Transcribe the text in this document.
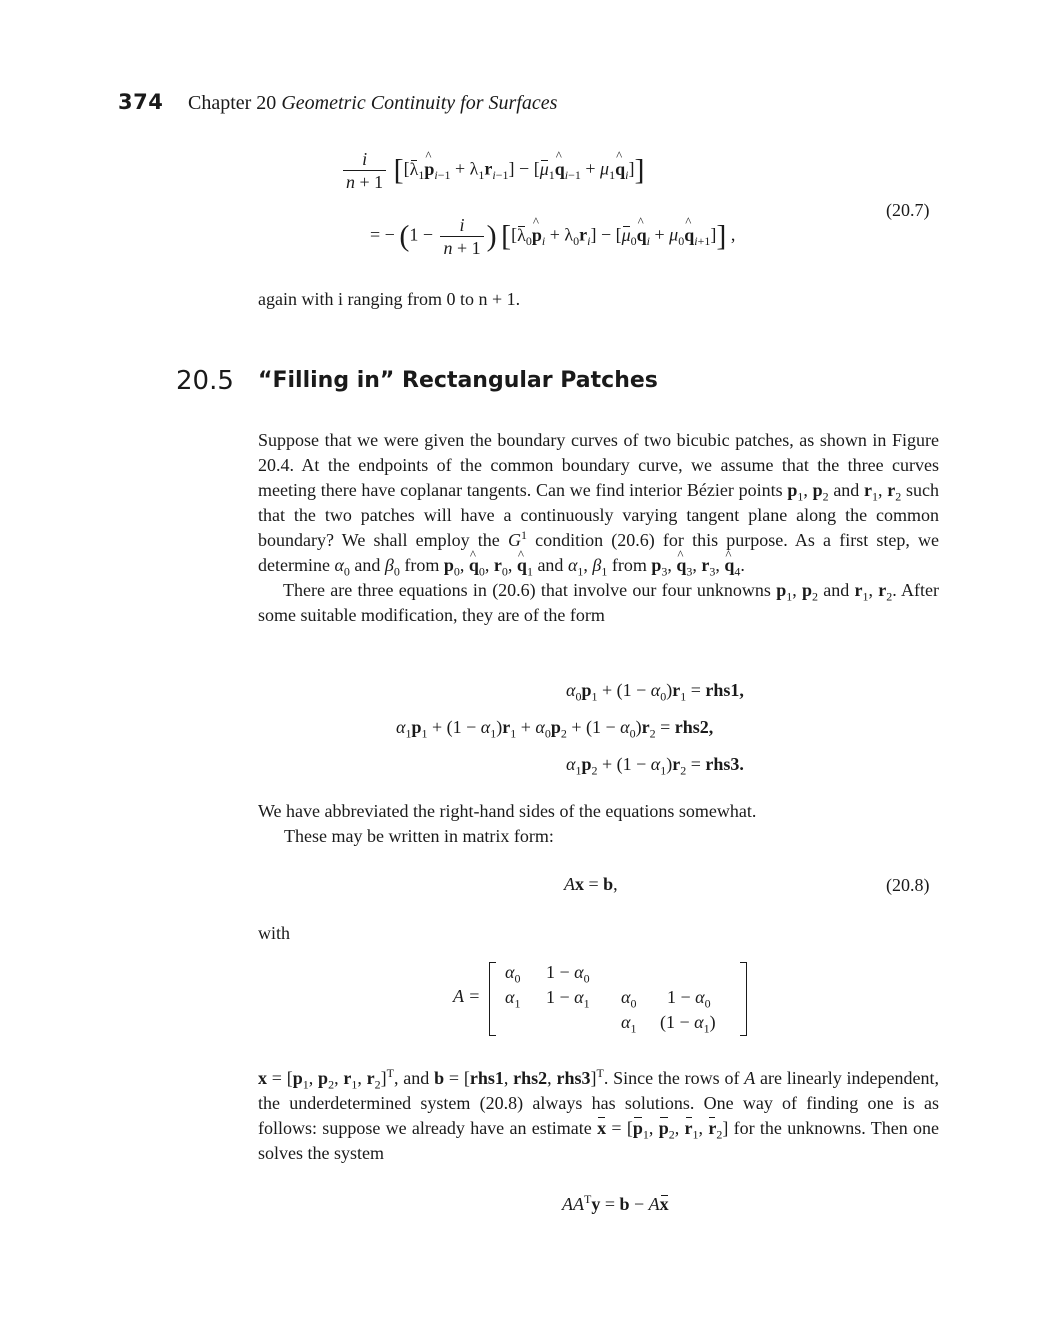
374 Chapter 20 Geometric Continuity for Surfaces
$\frac{i}{n + 1}$ [[$\lambda_1\^{}$ $p_{i-1} + \lambda_1r_{i-1}$] − [$\mu_1\^{}$ $q_{i-1}$ + $\mu_1\^{}$ $q_i$]]
(20.7)
= − ($1 - \frac{i}{n + 1}$ ) [[$\lambda_0\^{}$ $p_i + \lambda_0r_i$] − [$\mu_0\^{}$ $q_i$ + $\mu_0\^{}$ $q_{i+1}$]] ,
again with i ranging from 0 to n + 1.
20.5 “Filling in” Rectangular Patches

Suppose that we were given the boundary curves of two bicubic patches, as shown in Figure 20.4. At the endpoints of the common boundary curve, we assume that the three curves meeting there have coplanar tangents. Can we find interior Bézier points $p_1$, $p_2$ and $r_1$, $r_2$ such that the two patches will have a continuously varying tangent plane along the common boundary? We shall employ the $G^1$ condition (20.6) for this purpose. As a first step, we determine $\alpha_0$ and $\beta_0$ from $p_0$, ^ $q_0$, $r_0$, ^ $q_1$ and $\alpha_1$, $\beta_1$ from $p_3$, ^ $q_3$, $r_3$, ^ $q_4$.

There are three equations in (20.6) that involve our four unknowns $p_1$, $p_2$ and $r_1$, $r_2$. After some suitable modification, they are of the form

$\alpha_0p_1 + (1 - \alpha_0)r_1 = rhs1$,
$\alpha_1p_1 + (1 - \alpha_1)r_1 + \alpha_0p_2 + (1 - \alpha_0)r_2 = rhs2$,
$\alpha_1p_2 + (1 - \alpha_1)r_2 = rhs3$.
We have abbreviated the right-hand sides of the equations somewhat.
These may be written in matrix form:
Ax = b,	(20.8)
with
A =
$\alpha_0$ $1 - \alpha_0$
$\alpha_1$ $1 - \alpha_1$ $\alpha_0$ $1 - \alpha_0$
$\alpha_1$ $(1 - \alpha_1)$

$x = [p_1$, $p_2$, $r_1$, $r_2]^T$, and b = [rhs1, rhs2, rhs3]$^T$. Since the rows of A are linearly independent, the underdetermined system (20.8) always has solutions. One way of finding one is as follows: suppose we already have an estimate $x = [p_1$, $p_2$, $r_1$, $r_2$] for the unknowns. Then one solves the system

$AA^Ty = b - Ax$
